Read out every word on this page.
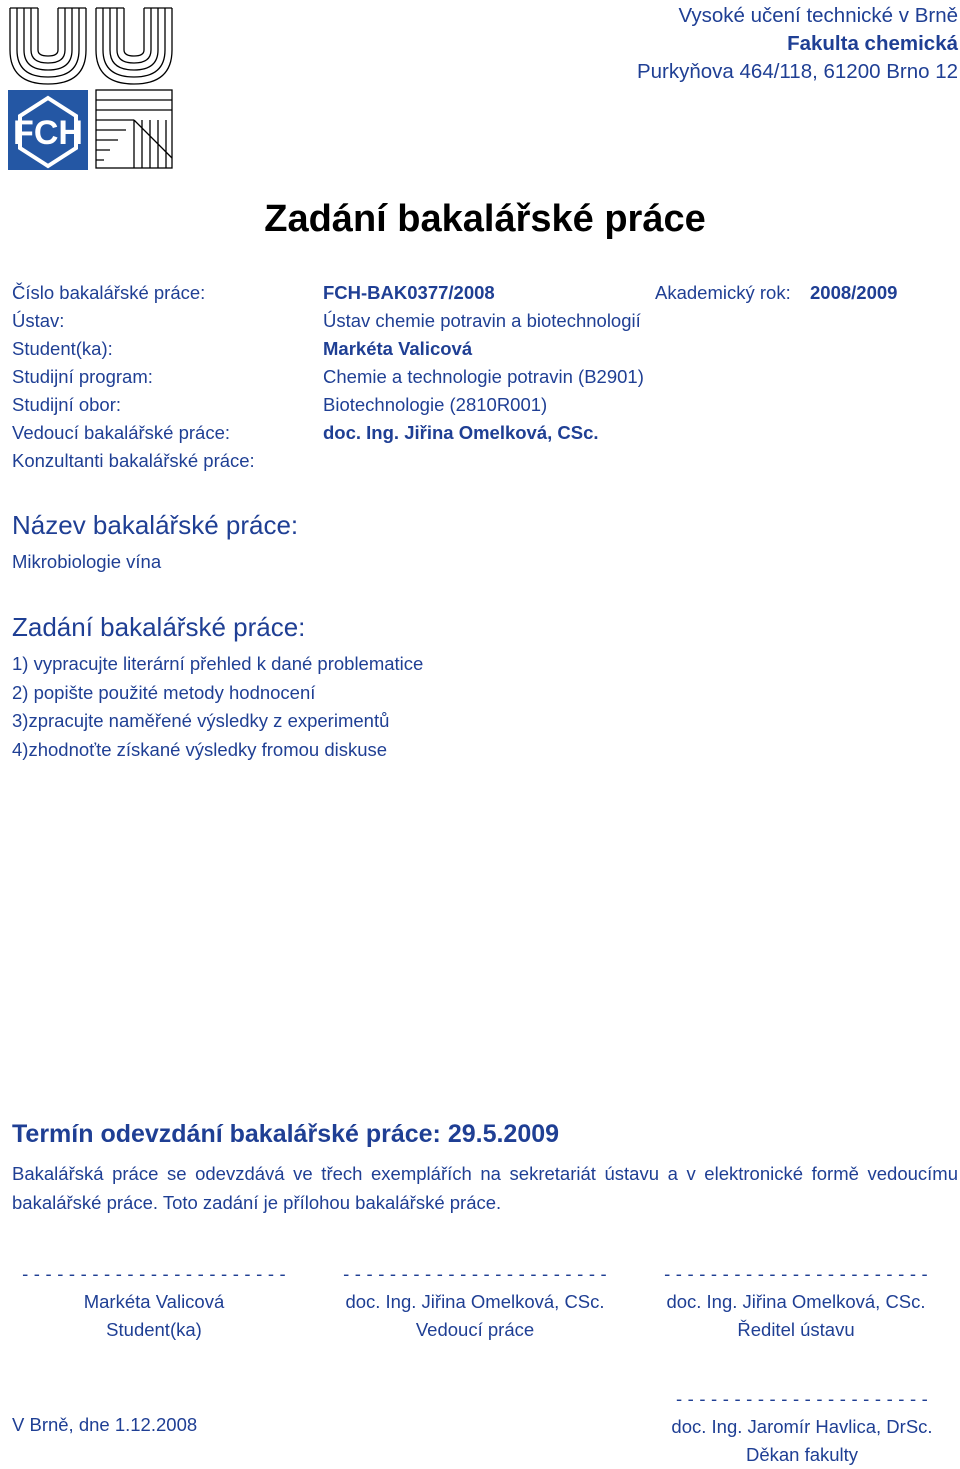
FCH
Vysoké učení technické v Brně
Fakulta chemická
Purkyňova 464/118, 61200 Brno 12
Zadání bakalářské práce
Číslo bakalářské práce:	FCH-BAK0377/2008	Akademický rok: 2008/2009
Ústav:	Ústav chemie potravin a biotechnologií
Student(ka):	Markéta Valicová
Studijní program:	Chemie a technologie potravin (B2901)
Studijní obor:	Biotechnologie (2810R001)
Vedoucí bakalářské práce:	doc. Ing. Jiřina Omelková, CSc.
Konzultanti bakalářské práce:
Název bakalářské práce:
Mikrobiologie vína
Zadání bakalářské práce:
1) vypracujte literární přehled k dané problematice
2) popište použité metody hodnocení
3)zpracujte naměřené výsledky z experimentů
4)zhodnoťte získané výsledky fromou diskuse
Termín odevzdání bakalářské práce: 29.5.2009
Bakalářská práce se odevzdává ve třech exemplářích na sekretariát ústavu a v elektronické formě vedoucímu bakalářské práce. Toto zadání je přílohou bakalářské práce.
- - - - - - - - - - - - - - - - - - - - - - -
Markéta Valicová
Student(ka)
- - - - - - - - - - - - - - - - - - - - - - -
doc. Ing. Jiřina Omelková, CSc.
Vedoucí práce
- - - - - - - - - - - - - - - - - - - - - - -
doc. Ing. Jiřina Omelková, CSc.
Ředitel ústavu
V Brně, dne 1.12.2008
- - - - - - - - - - - - - - - - - - - - - -
doc. Ing. Jaromír Havlica, DrSc.
Děkan fakulty
